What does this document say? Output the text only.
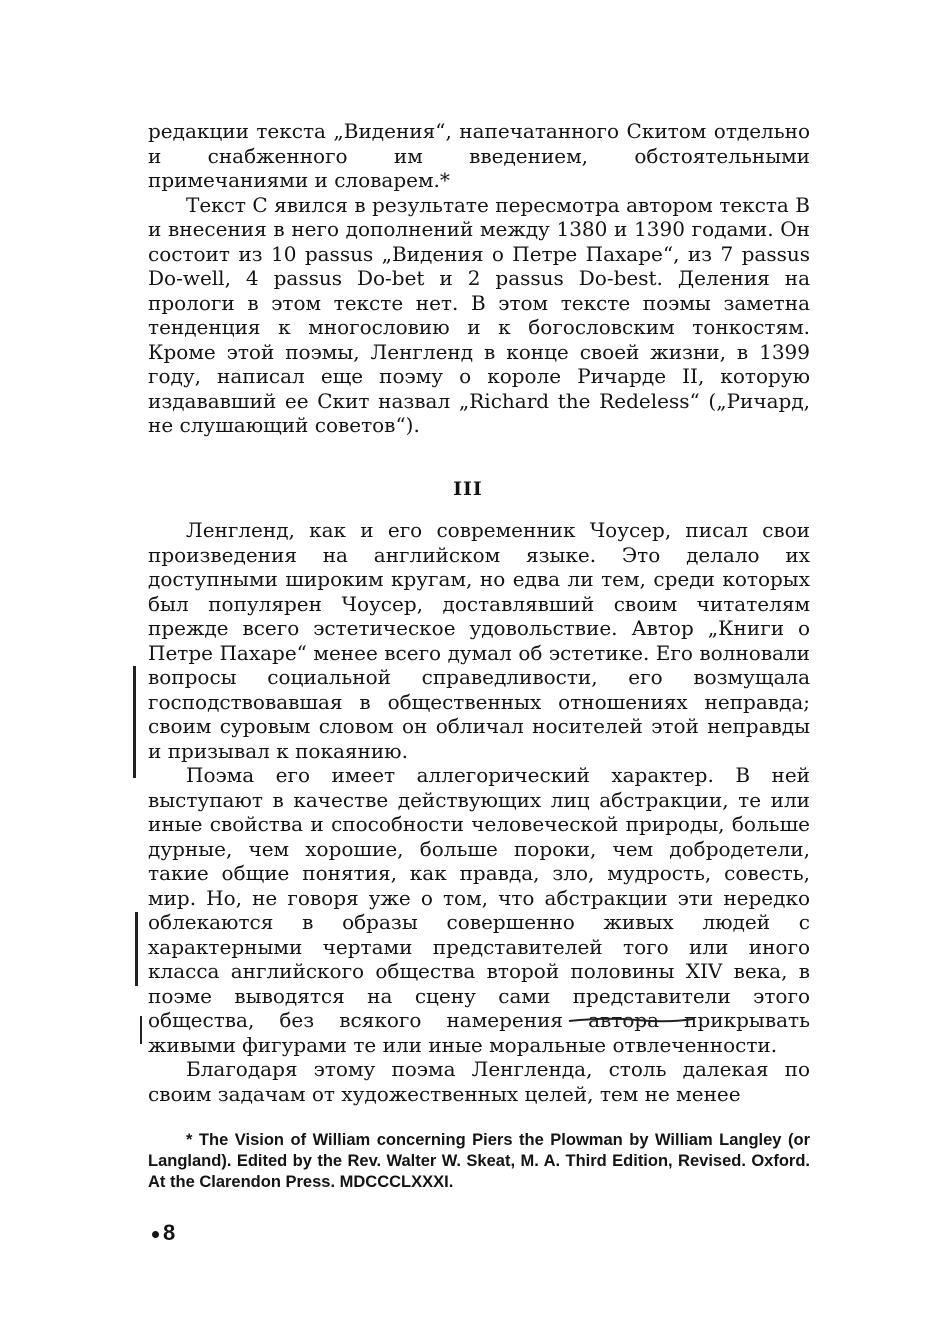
редакции текста „Видения“, напечатанного Скитом отдельно и снабженного им введением, обстоятельными примечаниями и словарем.*

Текст С явился в результате пересмотра автором текста В и внесения в него дополнений между 1380 и 1390 годами. Он состоит из 10 passus „Видения о Петре Пахаре“, из 7 passus Do-well, 4 passus Do-bet и 2 passus Do-best. Деления на прологи в этом тексте нет. В этом тексте поэмы заметна тенденция к многословию и к богословским тонкостям. Кроме этой поэмы, Ленгленд в конце своей жизни, в 1399 году, написал еще поэму о короле Ричарде II, которую издававший ее Скит назвал „Richard the Redeless“ („Ричард, не слушающий советов“).

III

Ленгленд, как и его современник Чоусер, писал свои произведения на английском языке. Это делало их доступными широким кругам, но едва ли тем, среди которых был популярен Чоусер, доставлявший своим читателям прежде всего эстетическое удовольствие. Автор „Книги о Петре Пахаре“ менее всего думал об эстетике. Его волновали вопросы социальной справедливости, его возмущала господствовавшая в общественных отношениях неправда; своим суровым словом он обличал носителей этой неправды и призывал к покаянию.

Поэма его имеет аллегорический характер. В ней выступают в качестве действующих лиц абстракции, те или иные свойства и способности человеческой природы, больше дурные, чем хорошие, больше пороки, чем добродетели, такие общие понятия, как правда, зло, мудрость, совесть, мир. Но, не говоря уже о том, что абстракции эти нередко облекаются в образы совершенно живых людей с характерными чертами представителей того или иного класса английского общества второй половины XIV века, в поэме выводятся на сцену сами представители этого общества, без всякого намерения автора прикрывать живыми фигурами те или иные моральные отвлеченности.

Благодаря этому поэма Ленгленда, столь далекая по своим задачам от художественных целей, тем не менее

* The Vision of William concerning Piers the Plowman by William Langley (or Langland). Edited by the Rev. Walter W. Skeat, M. A. Third Edition, Revised. Oxford. At the Clarendon Press. MDCCCLXXXI.
8
